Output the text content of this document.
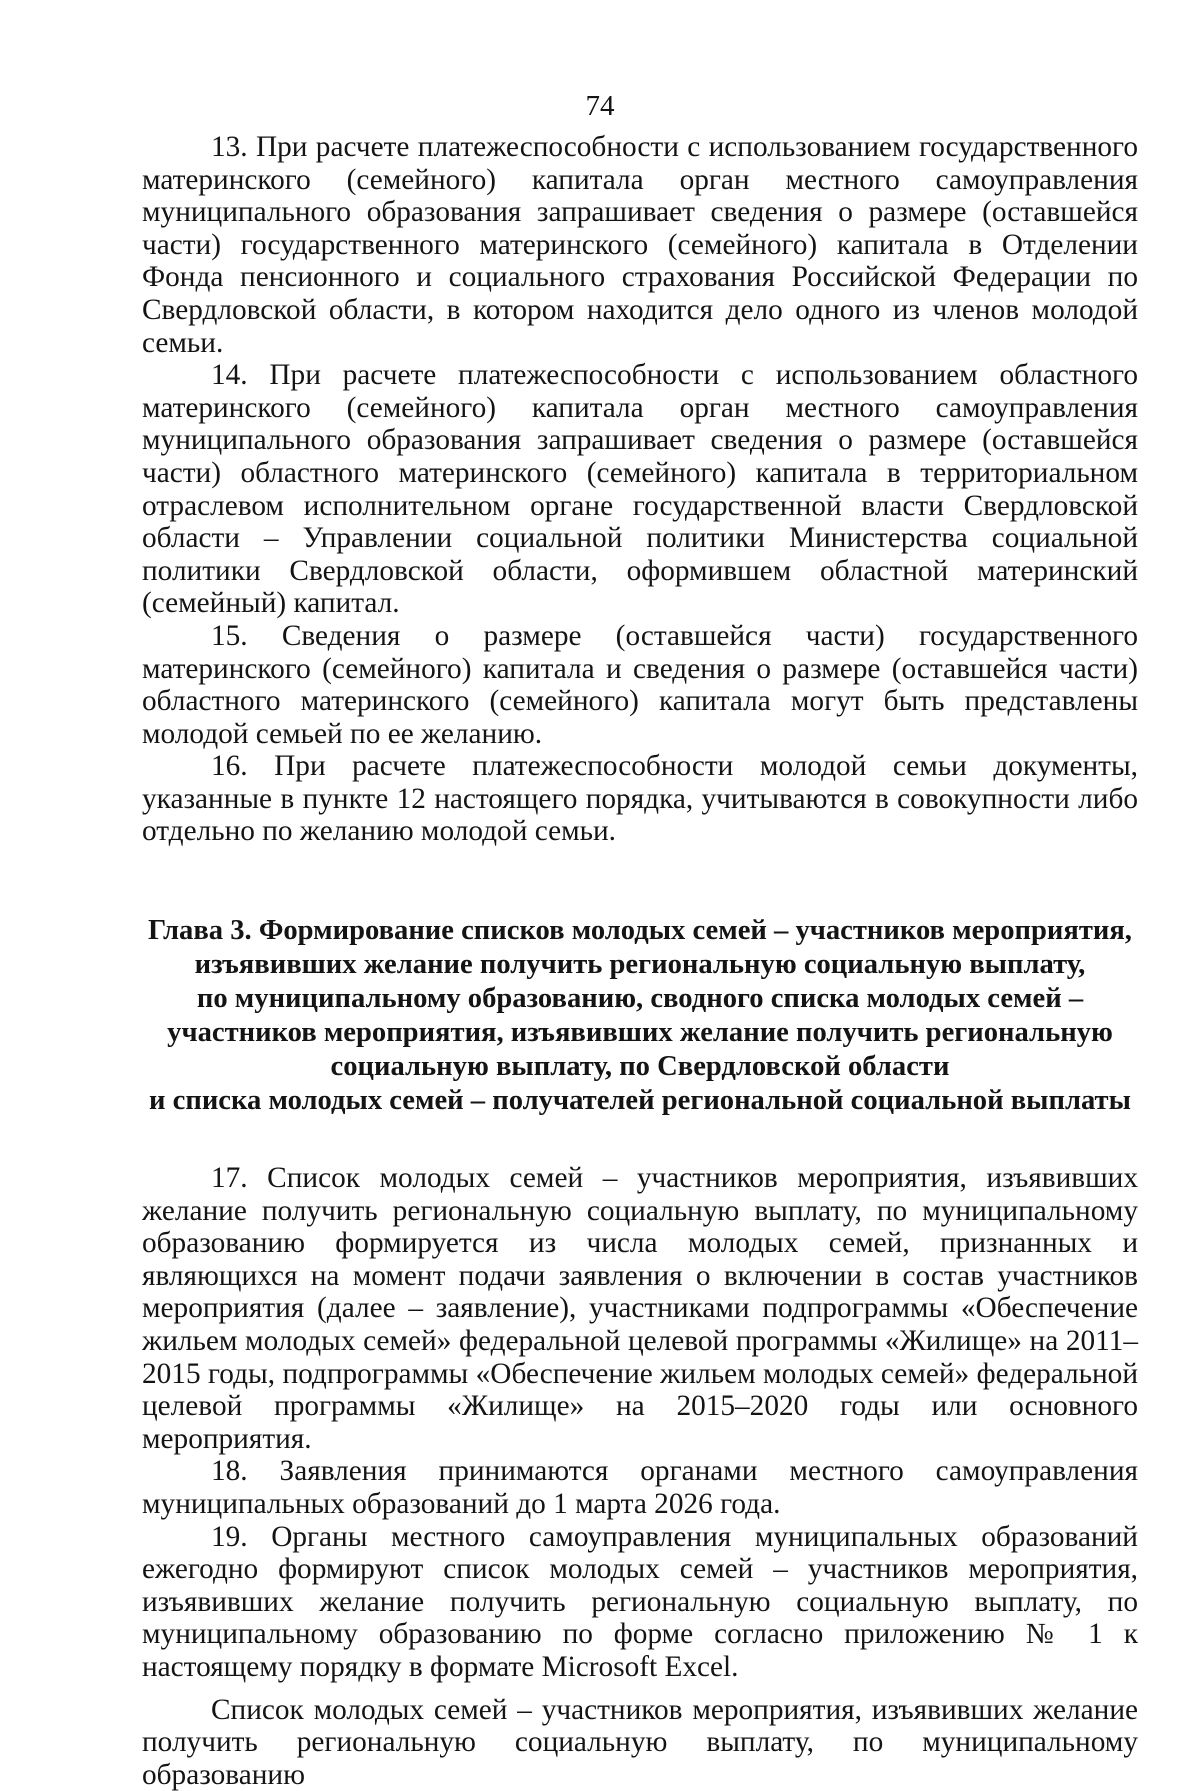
74

13. При расчете платежеспособности с использованием государственного материнского (семейного) капитала орган местного самоуправления муниципального образования запрашивает сведения о размере (оставшейся части) государственного материнского (семейного) капитала в Отделении Фонда пенсионного и социального страхования Российской Федерации по Свердловской области, в котором находится дело одного из членов молодой семьи.

14. При расчете платежеспособности с использованием областного материнского (семейного) капитала орган местного самоуправления муниципального образования запрашивает сведения о размере (оставшейся части) областного материнского (семейного) капитала в территориальном отраслевом исполнительном органе государственной власти Свердловской области – Управлении социальной политики Министерства социальной политики Свердловской области, оформившем областной материнский (семейный) капитал.

15. Сведения о размере (оставшейся части) государственного материнского (семейного) капитала и сведения о размере (оставшейся части) областного материнского (семейного) капитала могут быть представлены молодой семьей по ее желанию.

16. При расчете платежеспособности молодой семьи документы, указанные в пункте 12 настоящего порядка, учитываются в совокупности либо отдельно по желанию молодой семьи.

Глава 3. Формирование списков молодых семей – участников мероприятия,
изъявивших желание получить региональную социальную выплату,
по муниципальному образованию, сводного списка молодых семей –
участников мероприятия, изъявивших желание получить региональную
социальную выплату, по Свердловской области
и списка молодых семей – получателей региональной социальной выплаты

17. Список молодых семей – участников мероприятия, изъявивших желание получить региональную социальную выплату, по муниципальному образованию формируется из числа молодых семей, признанных и являющихся на момент подачи заявления о включении в состав участников мероприятия (далее – заявление), участниками подпрограммы «Обеспечение жильем молодых семей» федеральной целевой программы «Жилище» на 2011–2015 годы, подпрограммы «Обеспечение жильем молодых семей» федеральной целевой программы «Жилище» на 2015–2020 годы или основного мероприятия.

18. Заявления принимаются органами местного самоуправления муниципальных образований до 1 марта 2026 года.

19. Органы местного самоуправления муниципальных образований ежегодно формируют список молодых семей – участников мероприятия, изъявивших желание получить региональную социальную выплату, по муниципальному образованию по форме согласно приложению № 1 к настоящему порядку в формате Microsoft Excel.

Список молодых семей – участников мероприятия, изъявивших желание получить региональную социальную выплату, по муниципальному образованию
